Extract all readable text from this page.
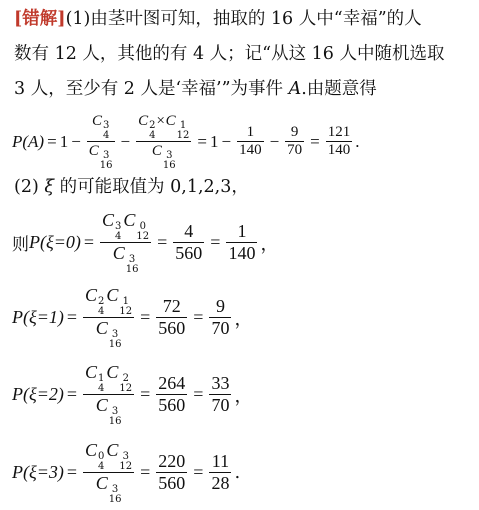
[错解](1)由茎叶图可知，抽取的 16 人中“幸福”的人
数有 12 人，其他的有 4 人；记“从这 16 人中随机选取
3 人，至少有 2 人是‘幸福’”为事件 A.由题意得
P(A) = 1 − C 3
4
C 3
16 − C 2
4
×C 1
12
C 3
$16 = 1 - \frac{1}{140} - \frac{9}{70} = \frac{121}{140}$ .
(2) ξ 的可能取值为 0,1,2,3，
则 P(ξ=0) = C 3
4
C 0
12
C 3
$16 = \frac{4}{560} = \frac{1}{140}$ ，
P(ξ=1) = C 2
4
C 1
12
C 3
$16 = \frac{72}{560} = \frac{9}{70}$ ，
P(ξ=2) = C 1
4
C 2
12
C 3
$16 = \frac{264}{560} = \frac{33}{70}$ ，
P(ξ=3) = C 0
4
C 3
12
C 3
$16 = \frac{220}{560} = \frac{11}{28}$ .
